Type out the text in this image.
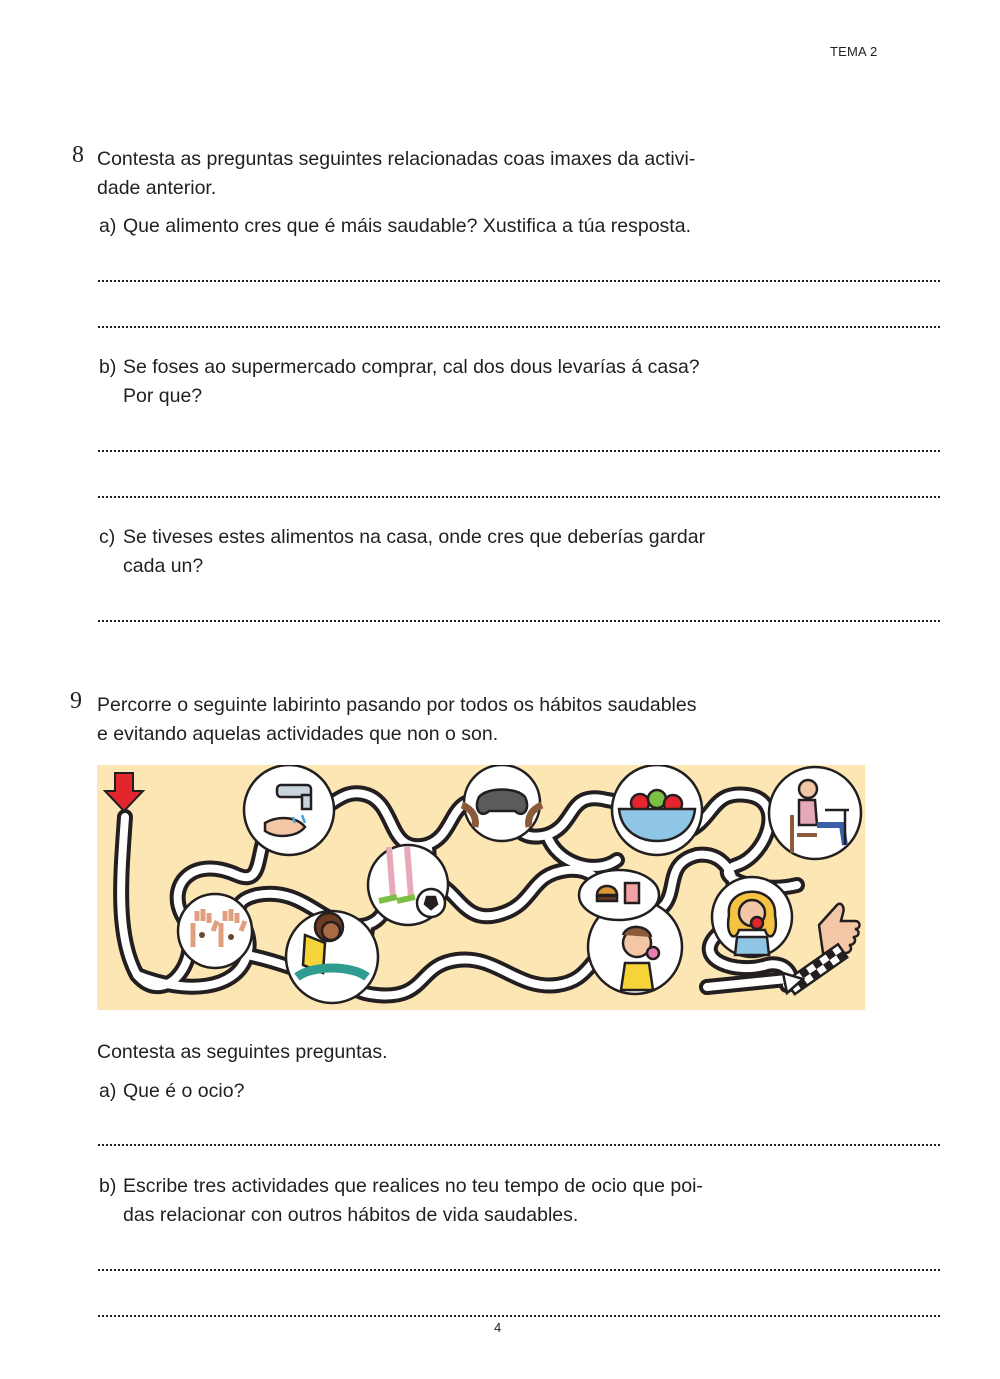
TEMA 2
8 Contesta as preguntas seguintes relacionadas coas imaxes da activi-
dade anterior.
a) Que alimento cres que é máis saudable? Xustifica a túa resposta.
b) Se foses ao supermercado comprar, cal dos dous levarías á casa?
Por que?
c) Se tiveses estes alimentos na casa, onde cres que deberías gardar
cada un?
9 Percorre o seguinte labirinto pasando por todos os hábitos saudables
e evitando aquelas actividades que non o son.
Contesta as seguintes preguntas.
a) Que é o ocio?
b) Escribe tres actividades que realices no teu tempo de ocio que poi-
das relacionar con outros hábitos de vida saudables.
4
